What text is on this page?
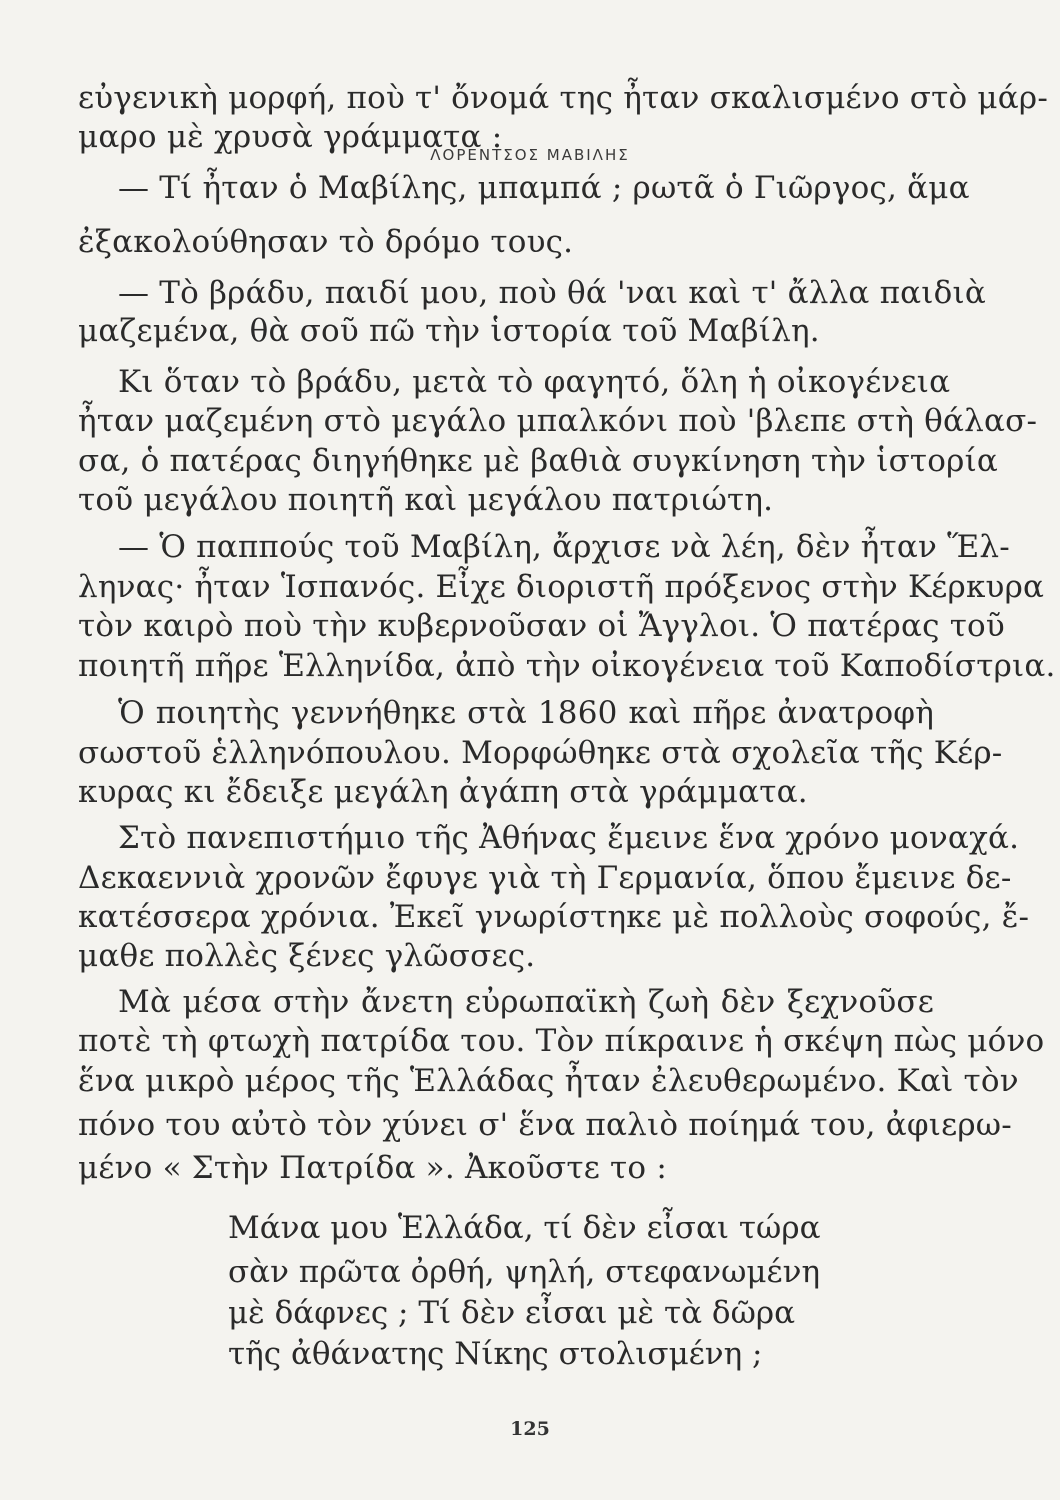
εὐγενικὴ μορφή, ποὺ τ' ὄνομά της ἦταν σκαλισμένο στὸ μάρ-
μαρο μὲ χρυσὰ γράμματα :
ΛΟΡΕΝΤΣΟΣ ΜΑΒΙΛΗΣ
— Τί ἦταν ὁ Μαβίλης, μπαμπά ; ρωτᾶ ὁ Γιῶργος, ἅμα
ἐξακολούθησαν τὸ δρόμο τους.
— Τὸ βράδυ, παιδί μου, ποὺ θά 'ναι καὶ τ' ἄλλα παιδιὰ
μαζεμένα, θὰ σοῦ πῶ τὴν ἱστορία τοῦ Μαβίλη.
Κι ὅταν τὸ βράδυ, μετὰ τὸ φαγητό, ὅλη ἡ οἰκογένεια
ἦταν μαζεμένη στὸ μεγάλο μπαλκόνι ποὺ 'βλεπε στὴ θάλασ-
σα, ὁ πατέρας διηγήθηκε μὲ βαθιὰ συγκίνηση τὴν ἱστορία
τοῦ μεγάλου ποιητῆ καὶ μεγάλου πατριώτη.
— Ὁ παππούς τοῦ Μαβίλη, ἄρχισε νὰ λέη, δὲν ἦταν Ἕλ-
ληνας· ἦταν Ἱσπανός. Εἶχε διοριστῆ πρόξενος στὴν Κέρκυρα
τὸν καιρὸ ποὺ τὴν κυβερνοῦσαν οἱ Ἄγγλοι. Ὁ πατέρας τοῦ
ποιητῆ πῆρε Ἑλληνίδα, ἀπὸ τὴν οἰκογένεια τοῦ Καποδίστρια.
Ὁ ποιητὴς γεννήθηκε στὰ 1860 καὶ πῆρε ἀνατροφὴ
σωστοῦ ἑλληνόπουλου. Μορφώθηκε στὰ σχολεῖα τῆς Κέρ-
κυρας κι ἔδειξε μεγάλη ἀγάπη στὰ γράμματα.
Στὸ πανεπιστήμιο τῆς Ἀθήνας ἔμεινε ἕνα χρόνο μοναχά.
Δεκαεννιὰ χρονῶν ἔφυγε γιὰ τὴ Γερμανία, ὅπου ἔμεινε δε-
κατέσσερα χρόνια. Ἐκεῖ γνωρίστηκε μὲ πολλοὺς σοφούς, ἔ-
μαθε πολλὲς ξένες γλῶσσες.
Μὰ μέσα στὴν ἄνετη εὐρωπαϊκὴ ζωὴ δὲν ξεχνοῦσε
ποτὲ τὴ φτωχὴ πατρίδα του. Τὸν πίκραινε ἡ σκέψη πὼς μόνο
ἕνα μικρὸ μέρος τῆς Ἑλλάδας ἦταν ἐλευθερωμένο. Καὶ τὸν
πόνο του αὐτὸ τὸν χύνει σ' ἕνα παλιὸ ποίημά του, ἀφιερω-
μένο « Στὴν Πατρίδα ». Ἀκοῦστε το :
Μάνα μου Ἑλλάδα, τί δὲν εἶσαι τώρα
σὰν πρῶτα ὀρθή, ψηλή, στεφανωμένη
μὲ δάφνες ; Τί δὲν εἶσαι μὲ τὰ δῶρα
τῆς ἀθάνατης Νίκης στολισμένη ;
125
